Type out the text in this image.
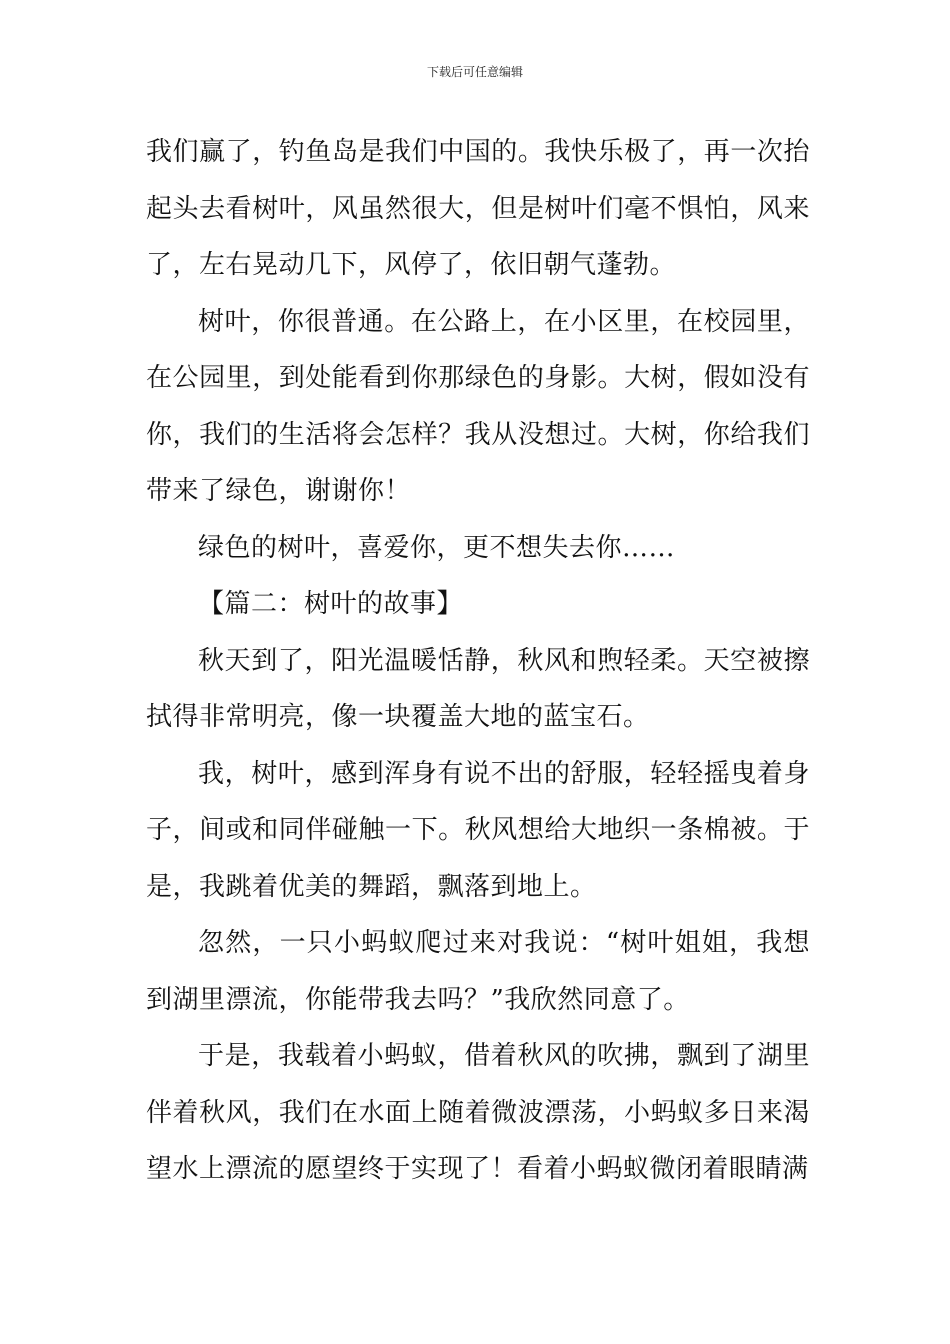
下载后可任意编辑

我们赢了，钓鱼岛是我们中国的。我快乐极了，再一次抬起头去看树叶，风虽然很大，但是树叶们毫不惧怕，风来了，左右晃动几下，风停了，依旧朝气蓬勃。

树叶，你很普通。在公路上，在小区里，在校园里，在公园里，到处能看到你那绿色的身影。大树，假如没有你，我们的生活将会怎样？我从没想过。大树，你给我们带来了绿色，谢谢你！

绿色的树叶，喜爱你，更不想失去你……

【篇二：树叶的故事】

秋天到了，阳光温暖恬静，秋风和煦轻柔。天空被擦拭得非常明亮，像一块覆盖大地的蓝宝石。

我，树叶，感到浑身有说不出的舒服，轻轻摇曳着身子，间或和同伴碰触一下。秋风想给大地织一条棉被。于是，我跳着优美的舞蹈，飘落到地上。

忽然，一只小蚂蚁爬过来对我说：“树叶姐姐，我想到湖里漂流，你能带我去吗？”我欣然同意了。

于是，我载着小蚂蚁，借着秋风的吹拂，飘到了湖里伴着秋风，我们在水面上随着微波漂荡，小蚂蚁多日来渴望水上漂流的愿望终于实现了！看着小蚂蚁微闭着眼睛满
